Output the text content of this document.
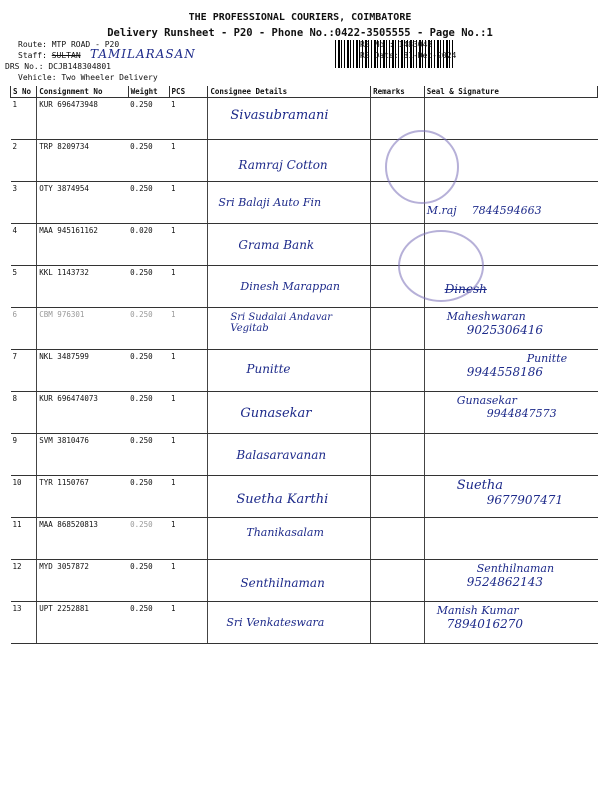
THE PROFESSIONAL COURIERS, COIMBATORE
Delivery Runsheet - P20 - Phone No.:0422-3505555 - Page No.:1
Route: MTP ROAD - P20
Staff: SULTAN TAMILARASAN
DRS No.: DCJB148304801
Vehicle: Two Wheeler Delivery
RS No.: 1483048
RS Date: 31-Dec-2024
S No	Consignment No	Weight	PCS	Consignee Details	Remarks	Seal & Signature
1	KUR 696473948	0.250	1	Sivasubramani		

2	TRP 8209734	0.250	1	Ramraj Cotton		

3	OTY 3874954	0.250	1	Sri Balaji Auto Fin		M.raj 7844594663
4	MAA 945161162	0.020	1	Grama Bank		

5	KKL 1143732	0.250	1	Dinesh Marappan		Dinesh

6	CBM 976301	0.250	1	Sri Sudalai Andavar Vegitab		Maheshwaran
9025306416
7	NKL 3487599	0.250	1	Punitte		Punitte
9944558186
8	KUR 696474073	0.250	1	Gunasekar		Gunasekar
9944847573
9	SVM 3810476	0.250	1	Balasaravanan		

10	TYR 1150767	0.250	1	Suetha Karthi		Suetha
9677907471
11	MAA 868520813	0.250	1	Thanikasalam		

12	MYD 3057872	0.250	1	Senthilnaman		Senthilnaman
9524862143
13	UPT 2252881	0.250	1	Sri Venkateswara		Manish Kumar
7894016270
